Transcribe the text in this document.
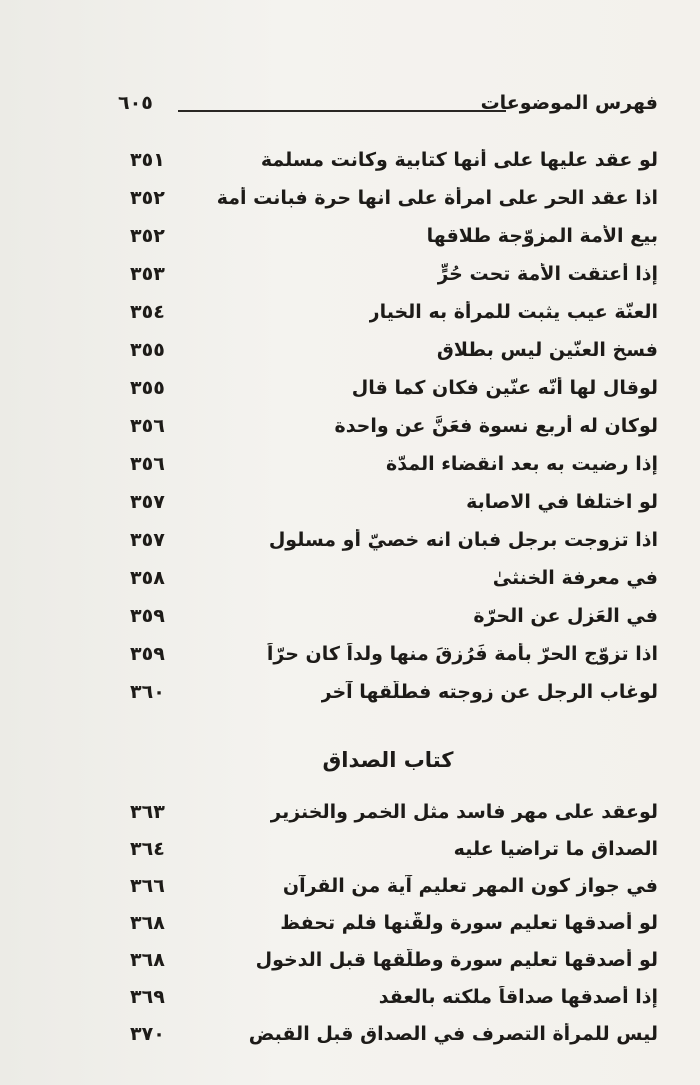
فهرس الموضوعات
٦٠٥
لو عقد عليها على أنها كتابية وكانت مسلمة
٣٥١
اذا عقد الحر على امرأة على انها حرة فبانت أمة
٣٥٢
بيع الأمة المزوّجة طلاقها
٣٥٢
إذا أُعتقت الأمة تحت حُرٍّ
٣٥٣
العنّة عيب يثبت للمرأة به الخيار
٣٥٤
فسخ العنّين ليس بطلاق
٣٥٥
لوقال لها أنّه عنّين فكان كما قال
٣٥٥
لوكان له أربع نسوة فعَنَّ عن واحدة
٣٥٦
إذا رضيت به بعد انقضاء المدّة
٣٥٦
لو اختلفا في الاصابة
٣٥٧
اذا تزوجت برجل فبان انه خصيّ أو مسلول
٣٥٧
في معرفة الخنثىٰ
٣٥٨
في العَزل عن الحرّة
٣٥٩
اذا تزوّج الحرّ بأمة فَرُزِقَ منها ولداً كان حرّاً
٣٥٩
لوغاب الرجل عن زوجته فطلّقها آخر
٣٦٠
كتاب الصداق
لوعقد على مهر فاسد مثل الخمر والخنزير
٣٦٣
الصداق ما تراضيا عليه
٣٦٤
في جواز كون المهر تعليم آية من القرآن
٣٦٦
لو أصدقها تعليم سورة ولقّنها فلم تحفظ
٣٦٨
لو أصدقها تعليم سورة وطلّقها قبل الدخول
٣٦٨
إذا أصدقها صداقاً ملكته بالعقد
٣٦٩
ليس للمرأة التصرف في الصداق قبل القبض
٣٧٠
